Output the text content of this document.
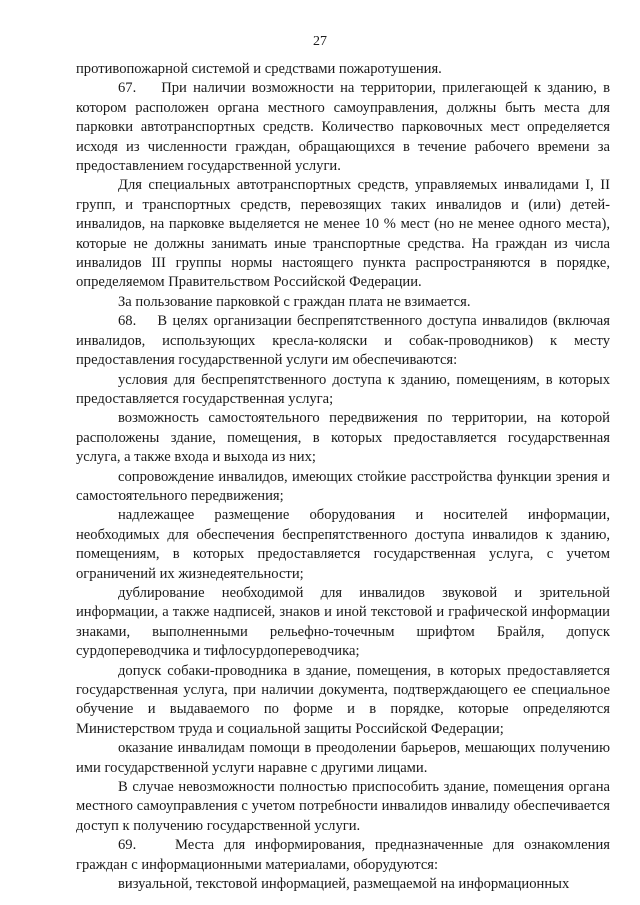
27

противопожарной системой и средствами пожаротушения.

67.    При наличии возможности на территории, прилегающей к зданию, в котором расположен органа местного самоуправления, должны быть места для парковки автотранспортных средств. Количество парковочных мест определяется исходя из численности граждан, обращающихся в течение рабочего времени за предоставлением государственной услуги.

Для специальных автотранспортных средств, управляемых инвалидами I, II групп, и транспортных средств, перевозящих таких инвалидов и (или) детей-инвалидов, на парковке выделяется не менее 10 % мест (но не менее одного места), которые не должны занимать иные транспортные средства. На граждан из числа инвалидов III группы нормы настоящего пункта распространяются в порядке, определяемом Правительством Российской Федерации.

За пользование парковкой с граждан плата не взимается.

68.    В целях организации беспрепятственного доступа инвалидов (включая инвалидов, использующих кресла-коляски и собак-проводников) к месту предоставления государственной услуги им обеспечиваются:

условия для беспрепятственного доступа к зданию, помещениям, в которых предоставляется государственная услуга;

возможность самостоятельного передвижения по территории, на которой расположены здание, помещения, в которых предоставляется государственная услуга, а также входа и выхода из них;

сопровождение инвалидов, имеющих стойкие расстройства функции зрения и самостоятельного передвижения;

надлежащее размещение оборудования и носителей информации, необходимых для обеспечения беспрепятственного доступа инвалидов к зданию, помещениям, в которых предоставляется государственная услуга, с учетом ограничений их жизнедеятельности;

дублирование необходимой для инвалидов звуковой и зрительной информации, а также надписей, знаков и иной текстовой и графической информации знаками, выполненными рельефно-точечным шрифтом Брайля, допуск сурдопереводчика и тифлосурдопереводчика;

допуск собаки-проводника в здание, помещения, в которых предоставляется государственная услуга, при наличии документа, подтверждающего ее специальное обучение и выдаваемого по форме и в порядке, которые определяются Министерством труда и социальной защиты Российской Федерации;

оказание инвалидам помощи в преодолении барьеров, мешающих получению ими государственной услуги наравне с другими лицами.

В случае невозможности полностью приспособить здание, помещения органа местного самоуправления с учетом потребности инвалидов инвалиду обеспечивается доступ к получению государственной услуги.

69.    Места для информирования, предназначенные для ознакомления граждан с информационными материалами, оборудуются:

визуальной, текстовой информацией, размещаемой на информационных
